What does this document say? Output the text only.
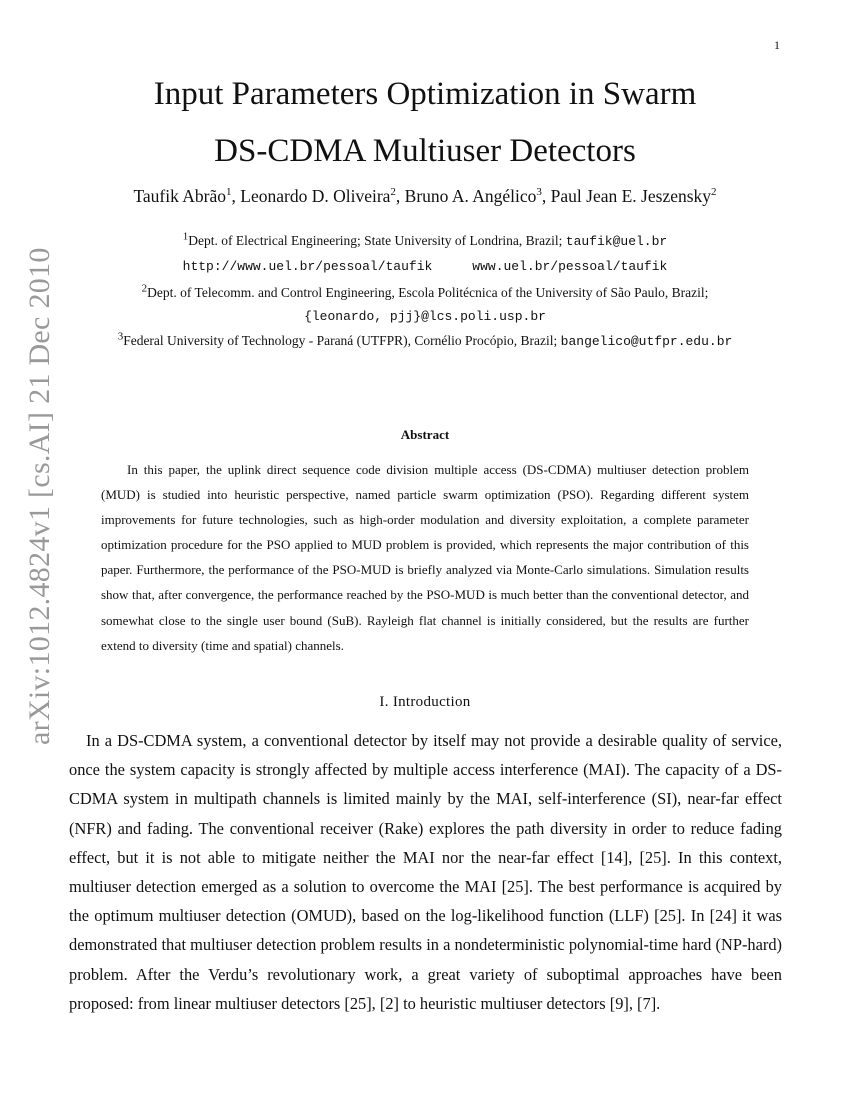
1
arXiv:1012.4824v1 [cs.AI] 21 Dec 2010
Input Parameters Optimization in Swarm
DS-CDMA Multiuser Detectors
Taufik Abrão$^1$, Leonardo D. Oliveira$^2$, Bruno A. Angélico$^3$, Paul Jean E. Jeszensky$^2$
$^1$Dept. of Electrical Engineering; State University of Londrina, Brazil; taufik@uel.br
http://www.uel.br/pessoal/taufik	www.uel.br/pessoal/taufik
$^2$Dept. of Telecomm. and Control Engineering, Escola Politécnica of the University of São Paulo, Brazil;
{leonardo, pjj}@lcs.poli.usp.br
$^3$Federal University of Technology - Paraná (UTFPR), Cornélio Procópio, Brazil; bangelico@utfpr.edu.br
Abstract
In this paper, the uplink direct sequence code division multiple access (DS-CDMA) multiuser detection problem (MUD) is studied into heuristic perspective, named particle swarm optimization (PSO). Regarding different system improvements for future technologies, such as high-order modulation and diversity exploitation, a complete parameter optimization procedure for the PSO applied to MUD problem is provided, which represents the major contribution of this paper. Furthermore, the performance of the PSO-MUD is briefly analyzed via Monte-Carlo simulations. Simulation results show that, after convergence, the performance reached by the PSO-MUD is much better than the conventional detector, and somewhat close to the single user bound (SuB). Rayleigh flat channel is initially considered, but the results are further extend to diversity (time and spatial) channels.
I. Introduction
In a DS-CDMA system, a conventional detector by itself may not provide a desirable quality of service, once the system capacity is strongly affected by multiple access interference (MAI). The capacity of a DS-CDMA system in multipath channels is limited mainly by the MAI, self-interference (SI), near-far effect (NFR) and fading. The conventional receiver (Rake) explores the path diversity in order to reduce fading effect, but it is not able to mitigate neither the MAI nor the near-far effect [14], [25]. In this context, multiuser detection emerged as a solution to overcome the MAI [25]. The best performance is acquired by the optimum multiuser detection (OMUD), based on the log-likelihood function (LLF) [25]. In [24] it was demonstrated that multiuser detection problem results in a nondeterministic polynomial-time hard (NP-hard) problem. After the Verdu’s revolutionary work, a great variety of suboptimal approaches have been proposed: from linear multiuser detectors [25], [2] to heuristic multiuser detectors [9], [7].
